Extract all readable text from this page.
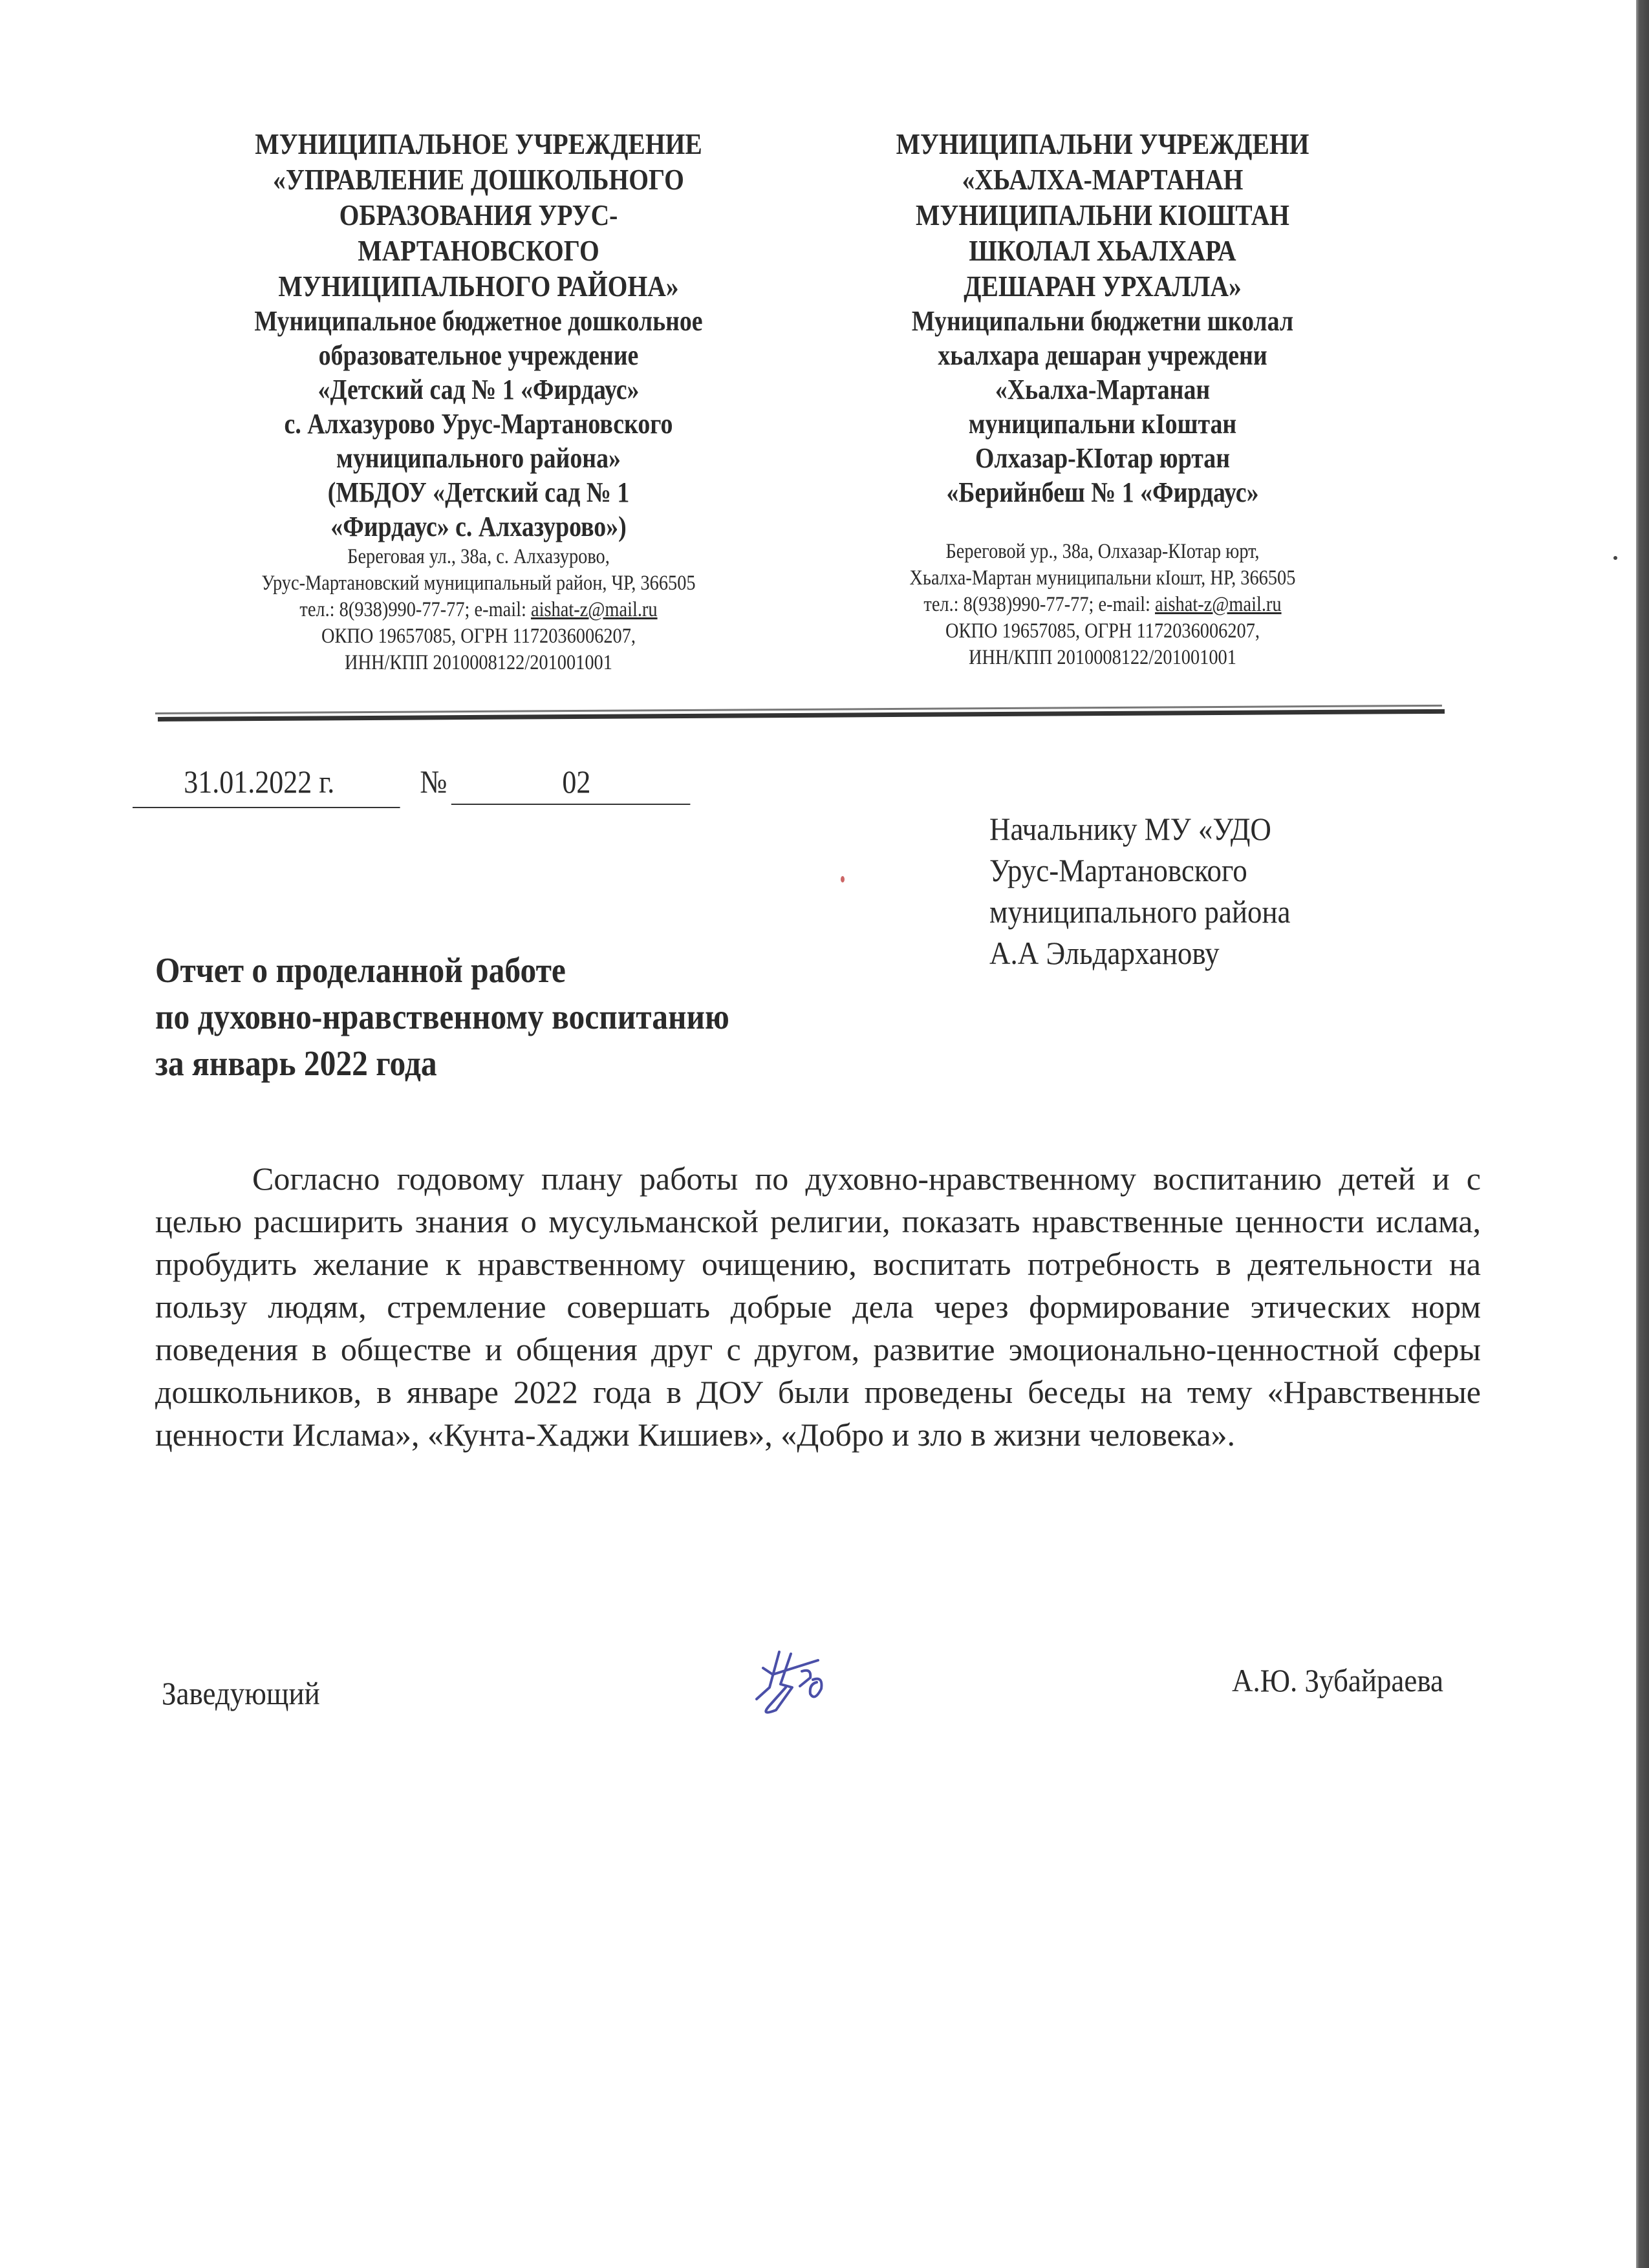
МУНИЦИПАЛЬНОЕ УЧРЕЖДЕНИЕ
«УПРАВЛЕНИЕ ДОШКОЛЬНОГО
ОБРАЗОВАНИЯ УРУС-
МАРТАНОВСКОГО
МУНИЦИПАЛЬНОГО РАЙОНА»
Муниципальное бюджетное дошкольное
образовательное учреждение
«Детский сад № 1 «Фирдаус»
с. Алхазурово Урус-Мартановского
муниципального района»
(МБДОУ «Детский сад № 1
«Фирдаус» с. Алхазурово»)
Береговая ул., 38а, с. Алхазурово,
Урус-Мартановский муниципальный район, ЧР, 366505
тел.: 8(938)990-77-77; e-mail: aishat-z@mail.ru
ОКПО 19657085, ОГРН 1172036006207,
ИНН/КПП 2010008122/201001001
МУНИЦИПАЛЬНИ УЧРЕЖДЕНИ
«ХЬАЛХА-МАРТАНАН
МУНИЦИПАЛЬНИ КIОШТАН
ШКОЛАЛ ХЬАЛХАРА
ДЕШАРАН УРХАЛЛА»
Муниципальни бюджетни школал
хьалхара дешаран учреждени
«Хьалха-Мартанан
муниципальни кIоштан
Олхазар-КIотар юртан
«Берийнбеш № 1 «Фирдаус»
Береговой ур., 38а, Олхазар-КIотар юрт,
Хьалха-Мартан муниципальни кIошт, НР, 366505
тел.: 8(938)990-77-77; e-mail: aishat-z@mail.ru
ОКПО 19657085, ОГРН 1172036006207,
ИНН/КПП 2010008122/201001001
31.01.2022 г.	№	02
Начальнику МУ «УДО
Урус-Мартановского
муниципального района
А.А Эльдарханову
Отчет о проделанной работе
по духовно-нравственному воспитанию
за январь 2022 года
Согласно годовому плану работы по духовно-нравственному воспитанию детей и с целью расширить знания о мусульманской религии, показать нравственные ценности ислама, пробудить желание к нравственному очищению, воспитать потребность в деятельности на пользу людям, стремление совершать добрые дела через формирование этических норм поведения в обществе и общения друг с другом, развитие эмоционально-ценностной сферы дошкольников, в январе 2022 года в ДОУ были проведены беседы на тему «Нравственные ценности Ислама», «Кунта-Хаджи Кишиев», «Добро и зло в жизни человека».
Заведующий	А.Ю. Зубайраева
